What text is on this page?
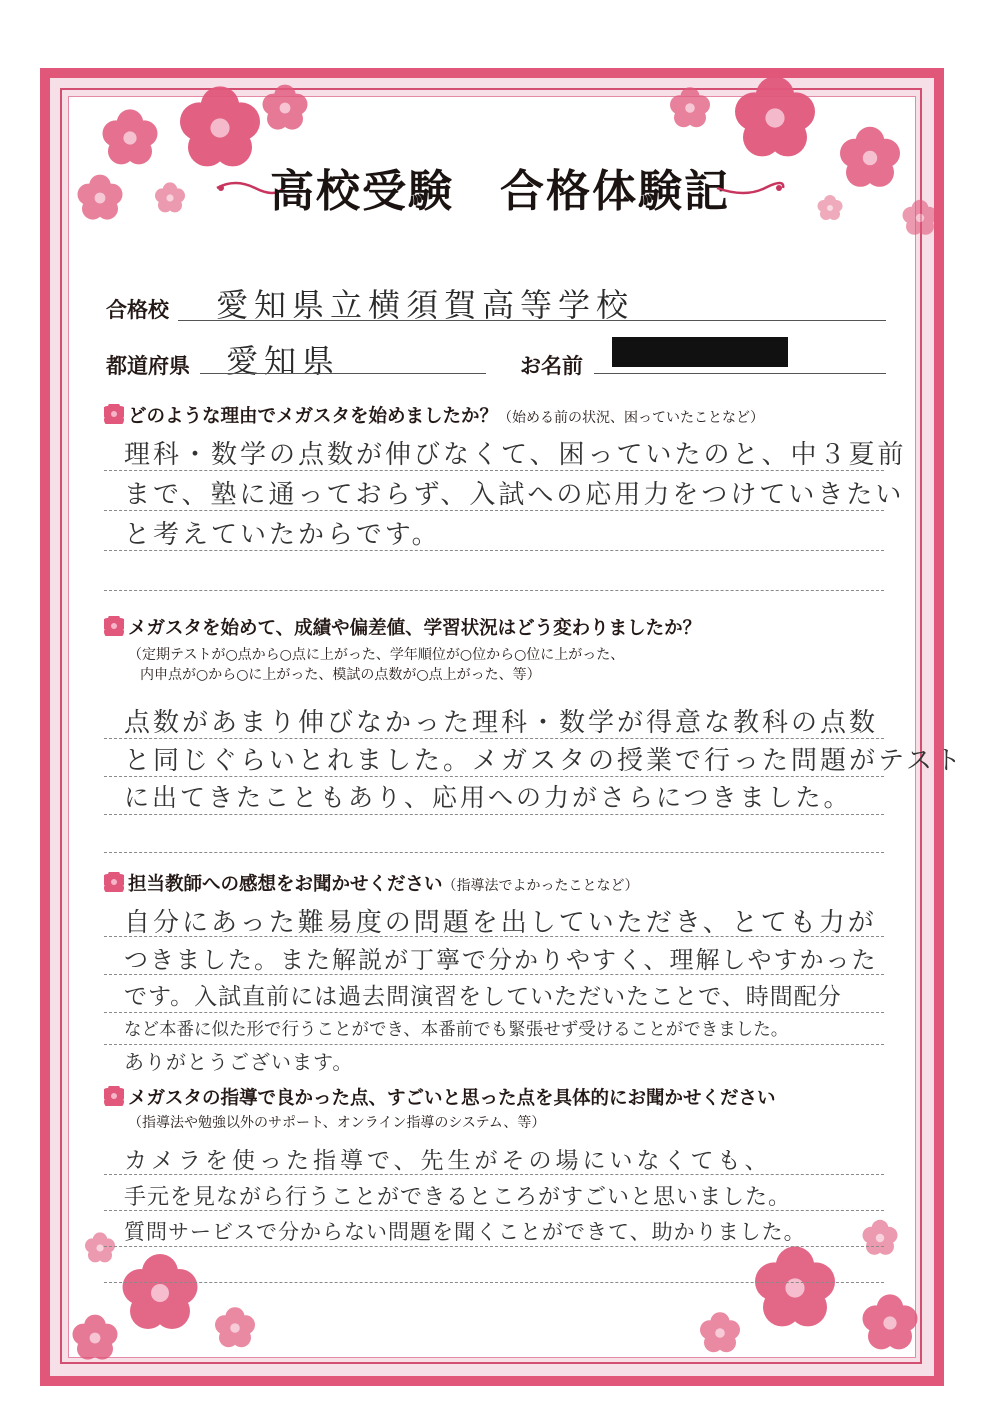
高校受験　合格体験記
合格校 愛知県立横須賀高等学校
都道府県 愛知県	お名前
どのような理由でメガスタを始めましたか？（始める前の状況、困っていたことなど）
理科・数学の点数が伸びなくて、困っていたのと、中３夏前
まで、塾に通っておらず、入試への応用力をつけていきたい
と考えていたからです。
メガスタを始めて、成績や偏差値、学習状況はどう変わりましたか？
（定期テストが○点から○点に上がった、学年順位が○位から○位に上がった、
内申点が○から○に上がった、模試の点数が○点上がった、等）
点数があまり伸びなかった理科・数学が得意な教科の点数
と同じぐらいとれました。メガスタの授業で行った問題がテスト
に出てきたこともあり、応用への力がさらにつきました。
担当教師への感想をお聞かせください（指導法でよかったことなど）
自分にあった難易度の問題を出していただき、とても力が
つきました。また解説が丁寧で分かりやすく、理解しやすかった
です。入試直前には過去問演習をしていただいたことで、時間配分
など本番に似た形で行うことができ、本番前でも緊張せず受けることができました。
ありがとうございます。
メガスタの指導で良かった点、すごいと思った点を具体的にお聞かせください
（指導法や勉強以外のサポート、オンライン指導のシステム、等）
カメラを使った指導で、先生がその場にいなくても、
手元を見ながら行うことができるところがすごいと思いました。
質問サービスで分からない問題を聞くことができて、助かりました。
